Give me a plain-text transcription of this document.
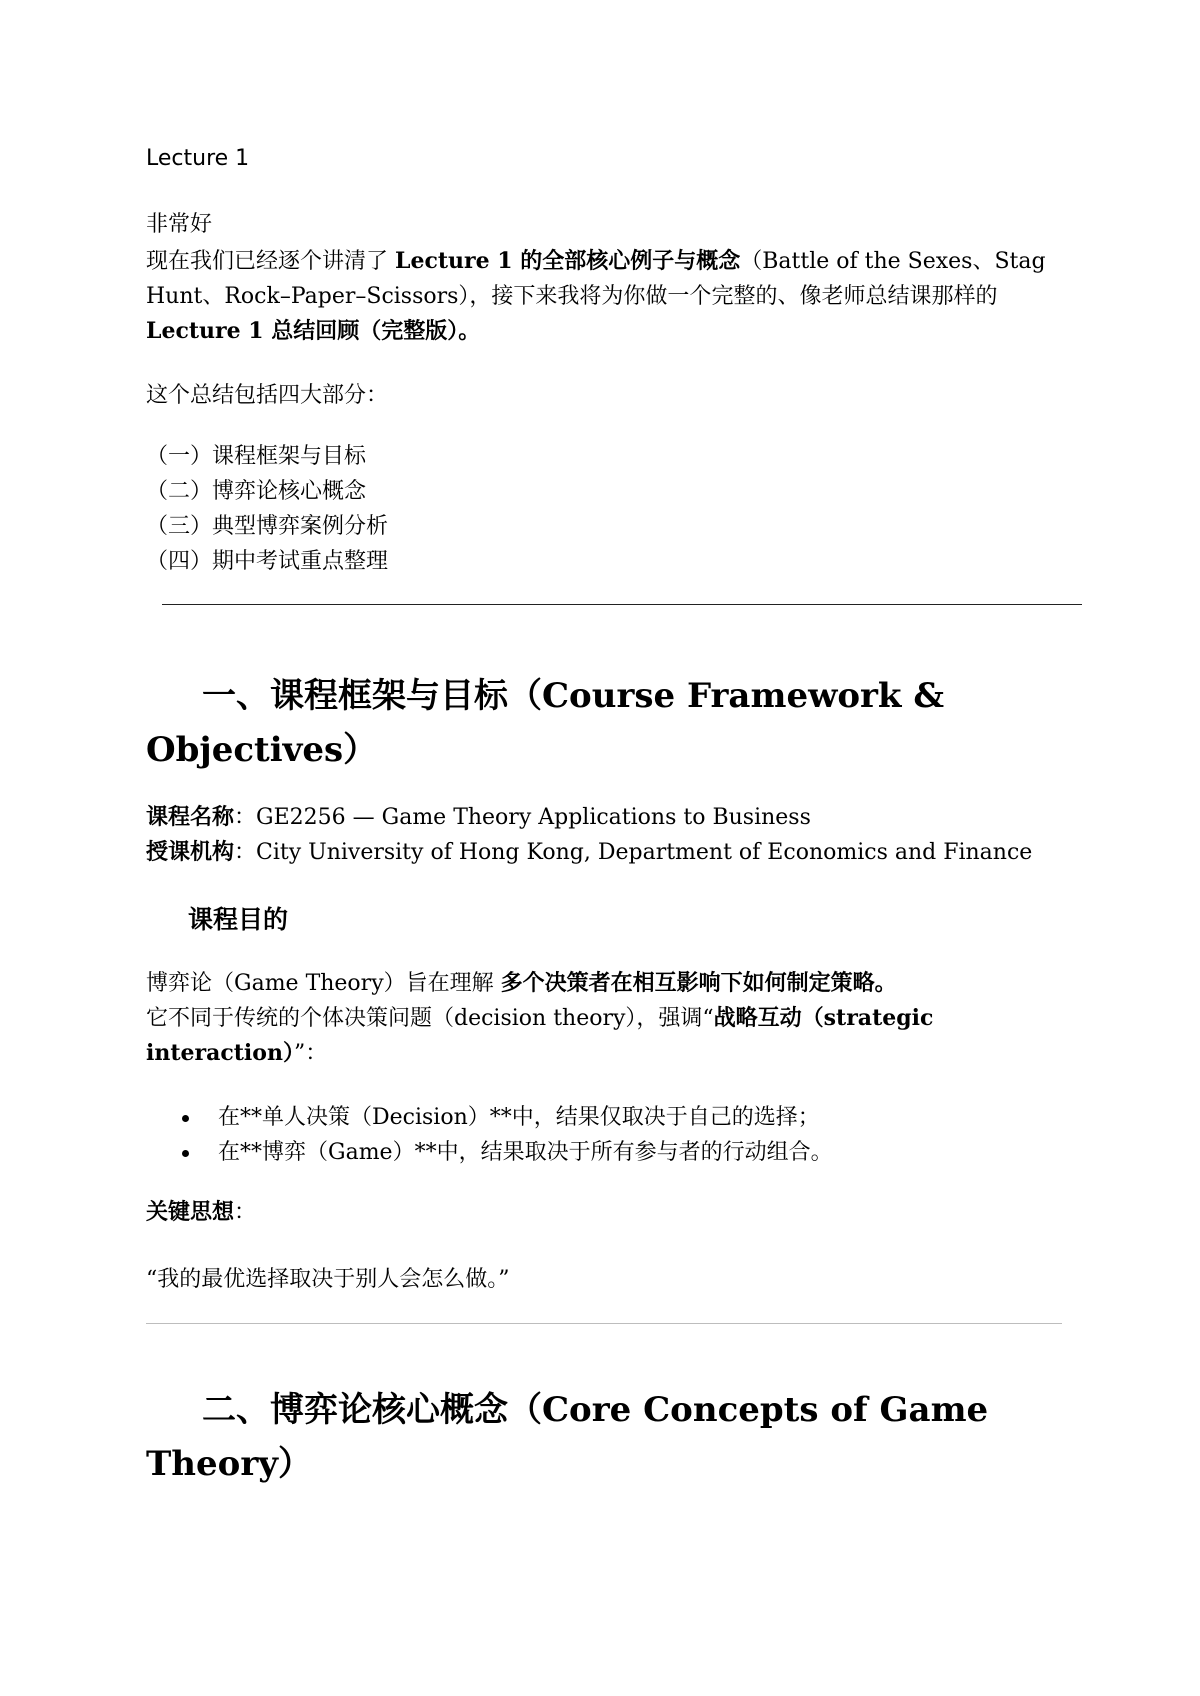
Lecture 1

非常好

现在我们已经逐个讲清了 Lecture 1 的全部核心例子与概念（Battle of the Sexes、Stag Hunt、Rock–Paper–Scissors），接下来我将为你做一个完整的、像老师总结课那样的 Lecture 1 总结回顾（完整版）。

这个总结包括四大部分：

（一）课程框架与目标
（二）博弈论核心概念
（三）典型博弈案例分析
（四）期中考试重点整理
一、课程框架与目标（Course Framework &
Objectives）

课程名称：GE2256 — Game Theory Applications to Business

授课机构：City University of Hong Kong, Department of Economics and Finance

课程目的

博弈论（Game Theory）旨在理解 多个决策者在相互影响下如何制定策略。

它不同于传统的个体决策问题（decision theory），强调“战略互动（strategic interaction）”：

在**单人决策（Decision）**中，结果仅取决于自己的选择；
在**博弈（Game）**中，结果取决于所有参与者的行动组合。

关键思想：

“我的最优选择取决于别人会怎么做。”

二、博弈论核心概念（Core Concepts of Game
Theory）
